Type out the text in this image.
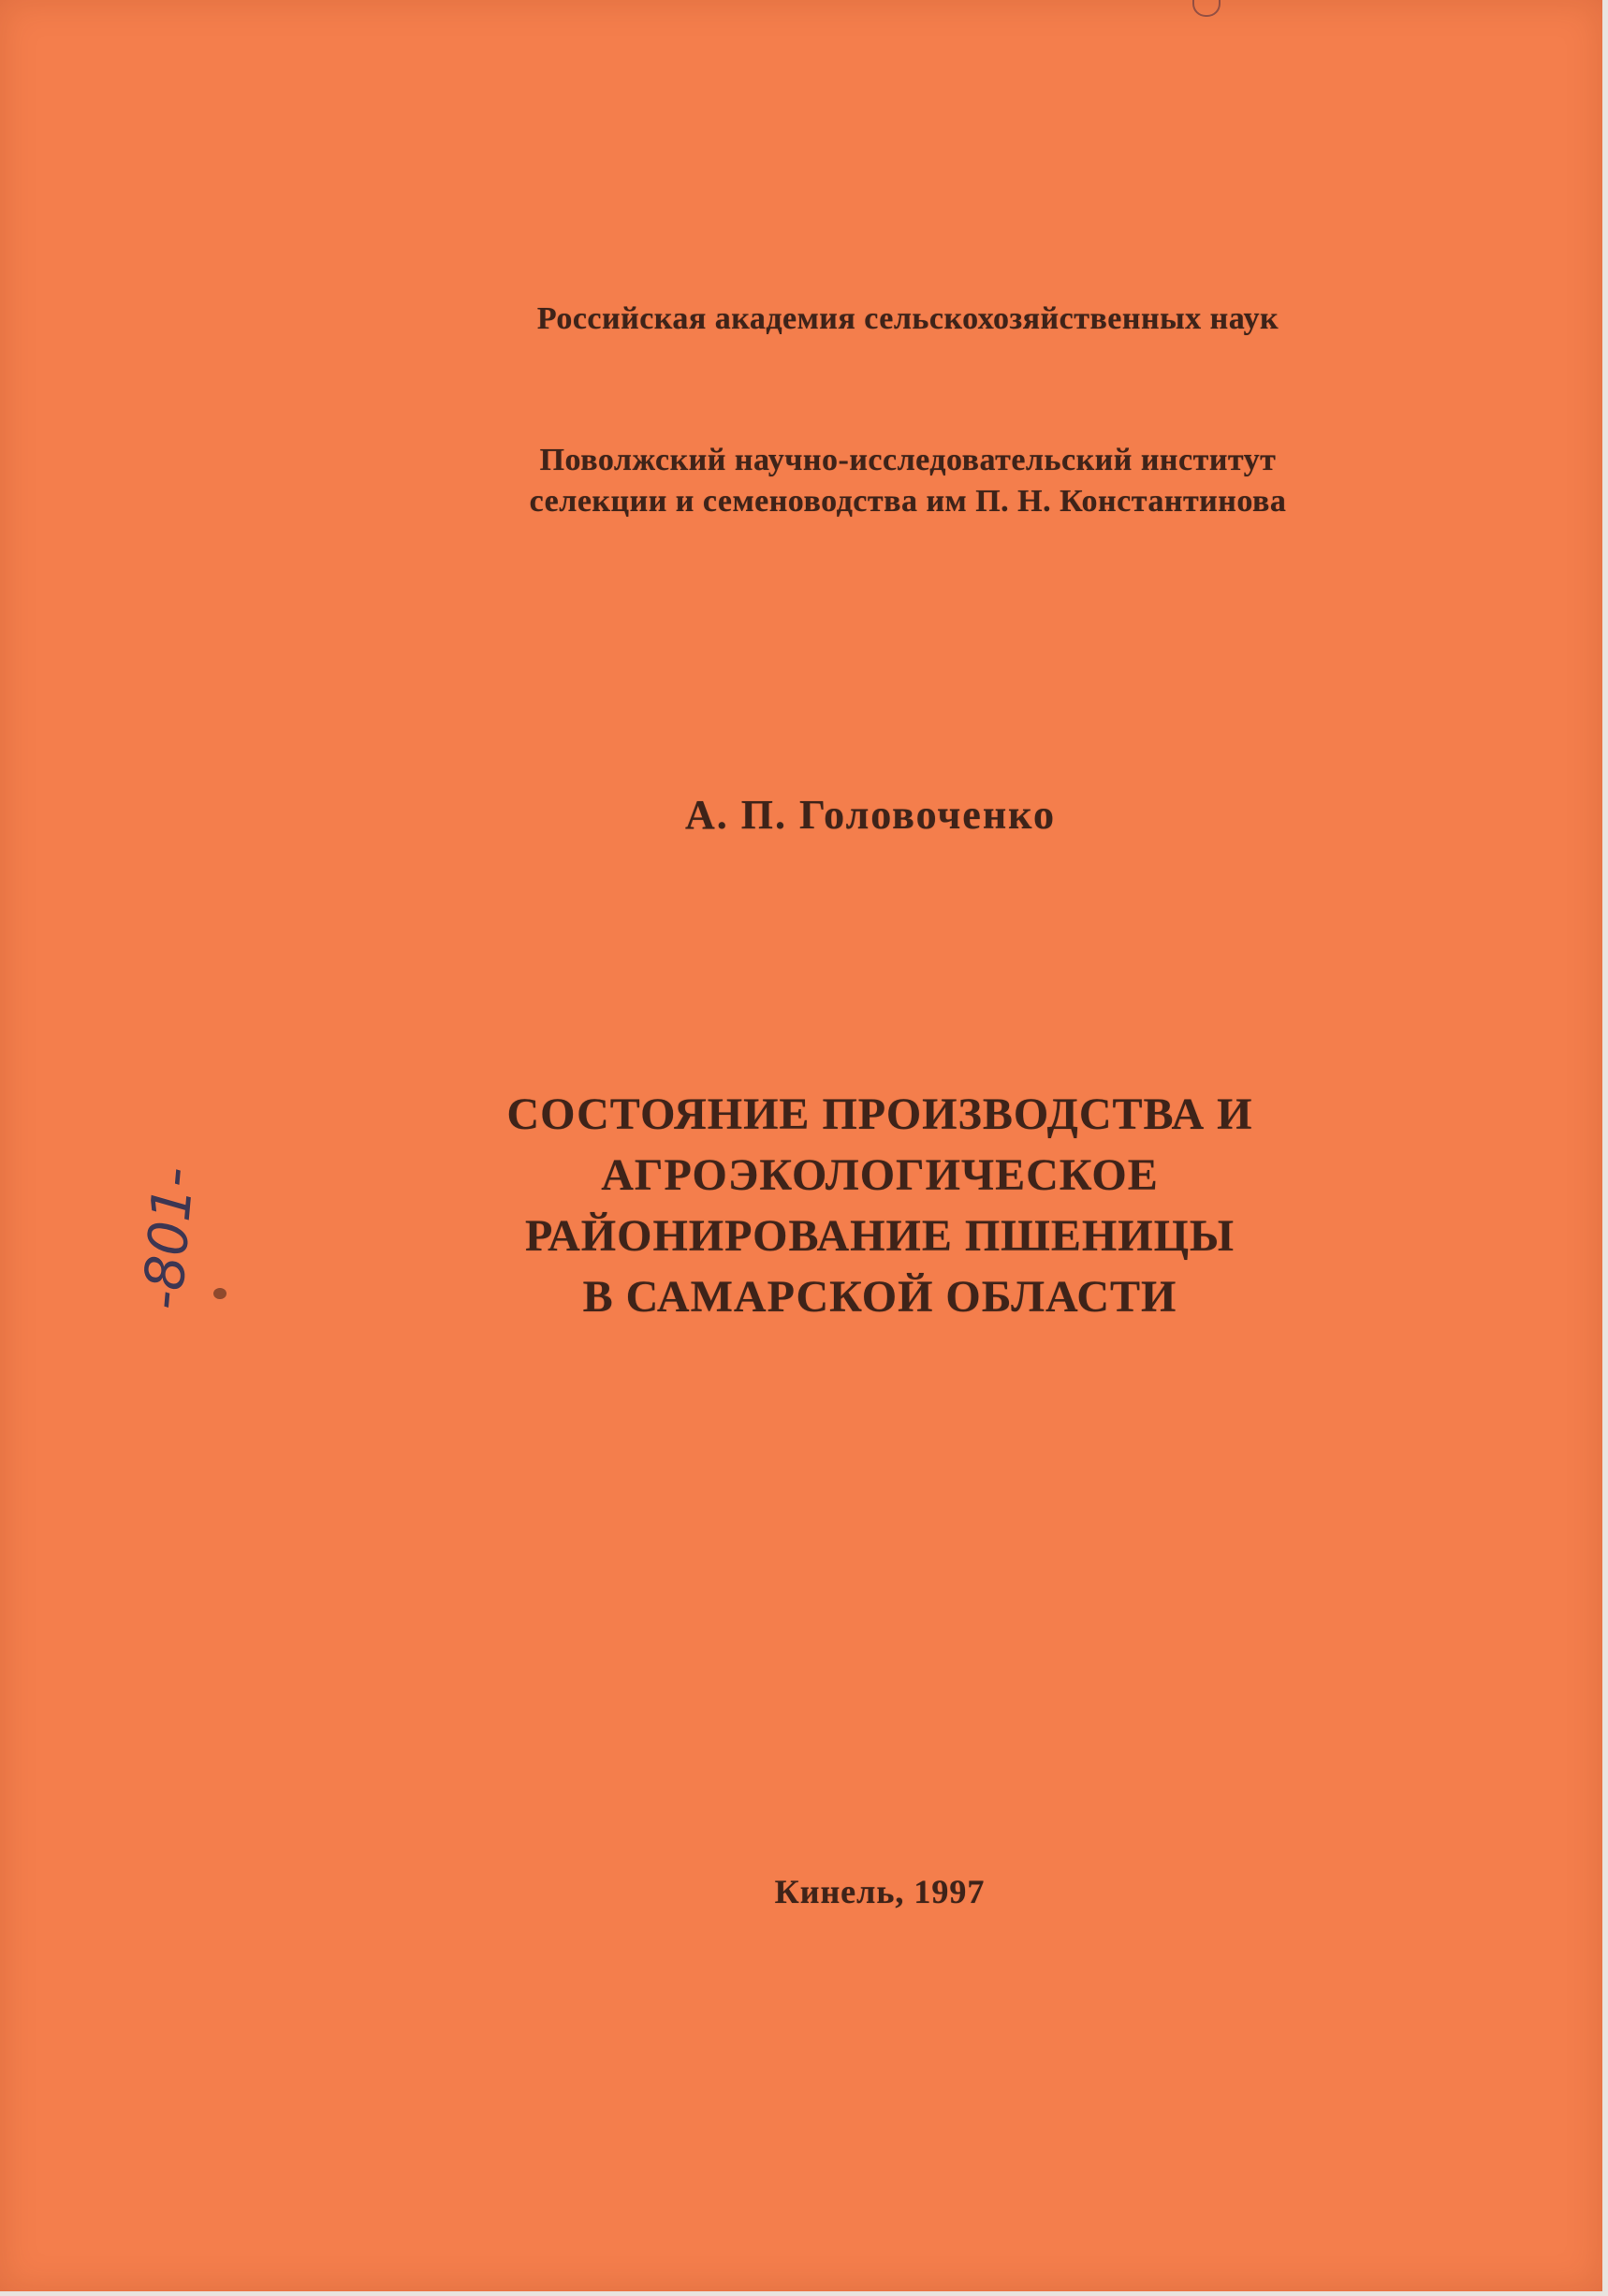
Российская академия сельскохозяйственных наук
Поволжский научно-исследовательский институт
селекции и семеноводства им П. Н. Константинова
А. П. Головоченко
СОСТОЯНИЕ ПРОИЗВОДСТВА И
АГРОЭКОЛОГИЧЕСКОЕ
РАЙОНИРОВАНИЕ ПШЕНИЦЫ
В САМАРСКОЙ ОБЛАСТИ
Кинель, 1997
-801-
